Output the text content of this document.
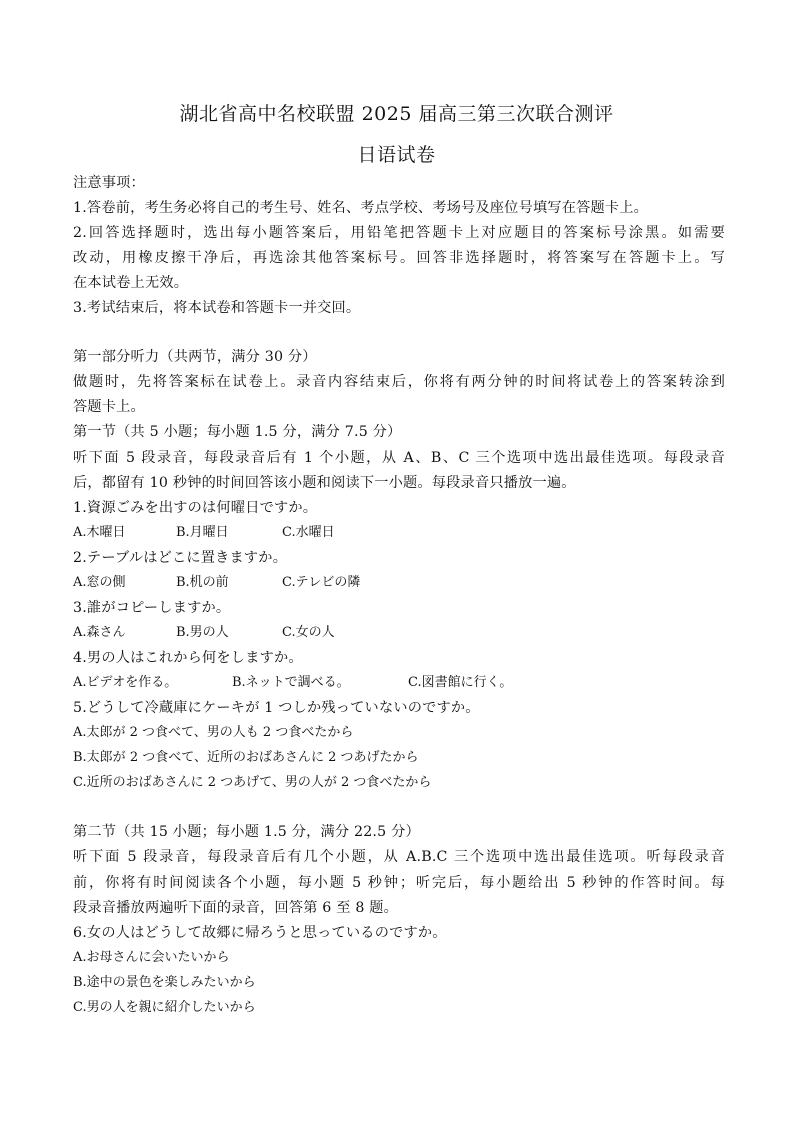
湖北省高中名校联盟 2025 届高三第三次联合测评
日语试卷
注意事项：
1.答卷前，考生务必将自己的考生号、姓名、考点学校、考场号及座位号填写在答题卡上。
2.回答选择题时，选出每小题答案后，用铅笔把答题卡上对应题目的答案标号涂黑。如需要
改动，用橡皮擦干净后，再选涂其他答案标号。回答非选择题时，将答案写在答题卡上。写
在本试卷上无效。
3.考试结束后，将本试卷和答题卡一并交回。
第一部分听力（共两节，满分 30 分）
做题时，先将答案标在试卷上。录音内容结束后，你将有两分钟的时间将试卷上的答案转涂到
答题卡上。
第一节（共 5 小题；每小题 1.5 分，满分 7.5 分）
听下面 5 段录音，每段录音后有 1 个小题，从 A、B、C 三个选项中选出最佳选项。每段录音
后，都留有 10 秒钟的时间回答该小题和阅读下一小题。每段录音只播放一遍。
1.資源ごみを出すのは何曜日ですか。
A.木曜日	B.月曜日	C.水曜日
2.テーブルはどこに置きますか。
A.窓の側	B.机の前	C.テレビの隣
3.誰がコピーしますか。
A.森さん	B.男の人	C.女の人
4.男の人はこれから何をしますか。
A.ビデオを作る。	B.ネットで調べる。	C.図書館に行く。
5.どうして冷蔵庫にケーキが 1 つしか残っていないのですか。
A.太郎が 2 つ食べて、男の人も 2 つ食べたから
B.太郎が 2 つ食べて、近所のおばあさんに 2 つあげたから
C.近所のおばあさんに 2 つあげて、男の人が 2 つ食べたから
第二节（共 15 小题；每小题 1.5 分，满分 22.5 分）
听下面 5 段录音，每段录音后有几个小题，从 A.B.C 三个选项中选出最佳选项。听每段录音
前，你将有时间阅读各个小题，每小题 5 秒钟；听完后，每小题给出 5 秒钟的作答时间。每
段录音播放两遍听下面的录音，回答第 6 至 8 题。
6.女の人はどうして故郷に帰ろうと思っているのですか。
A.お母さんに会いたいから
B.途中の景色を楽しみたいから
C.男の人を親に紹介したいから
